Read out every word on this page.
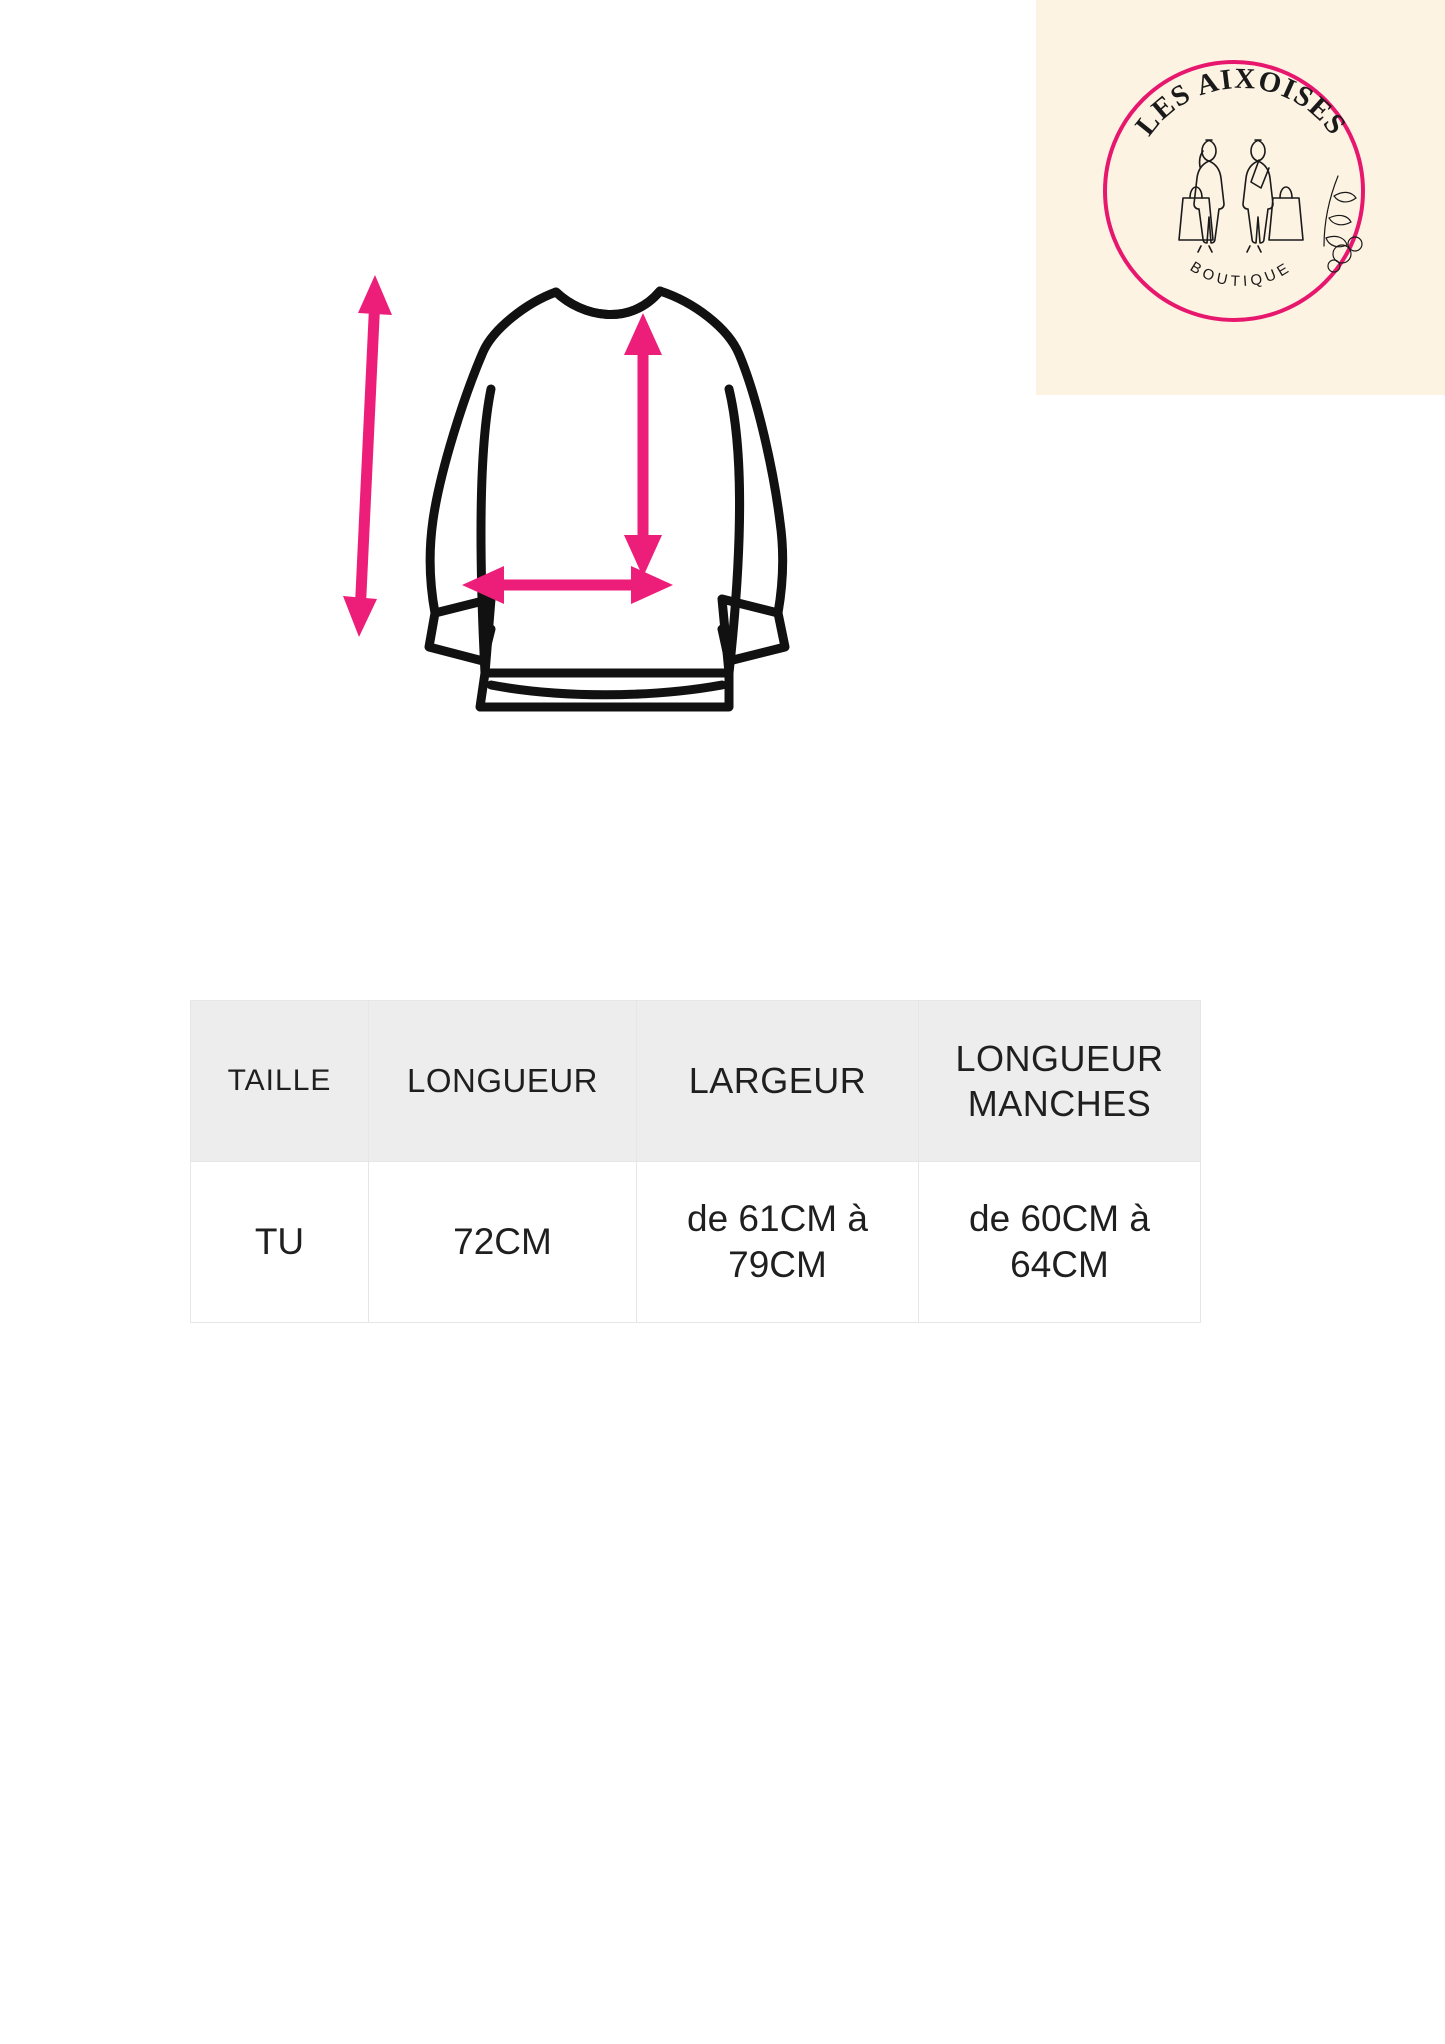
LES AIXOISES
BOUTIQUE
TAILLE	LONGUEUR	LARGEUR	LONGUEUR MANCHES
TU	72CM	de 61CM à 79CM	de 60CM à 64CM
